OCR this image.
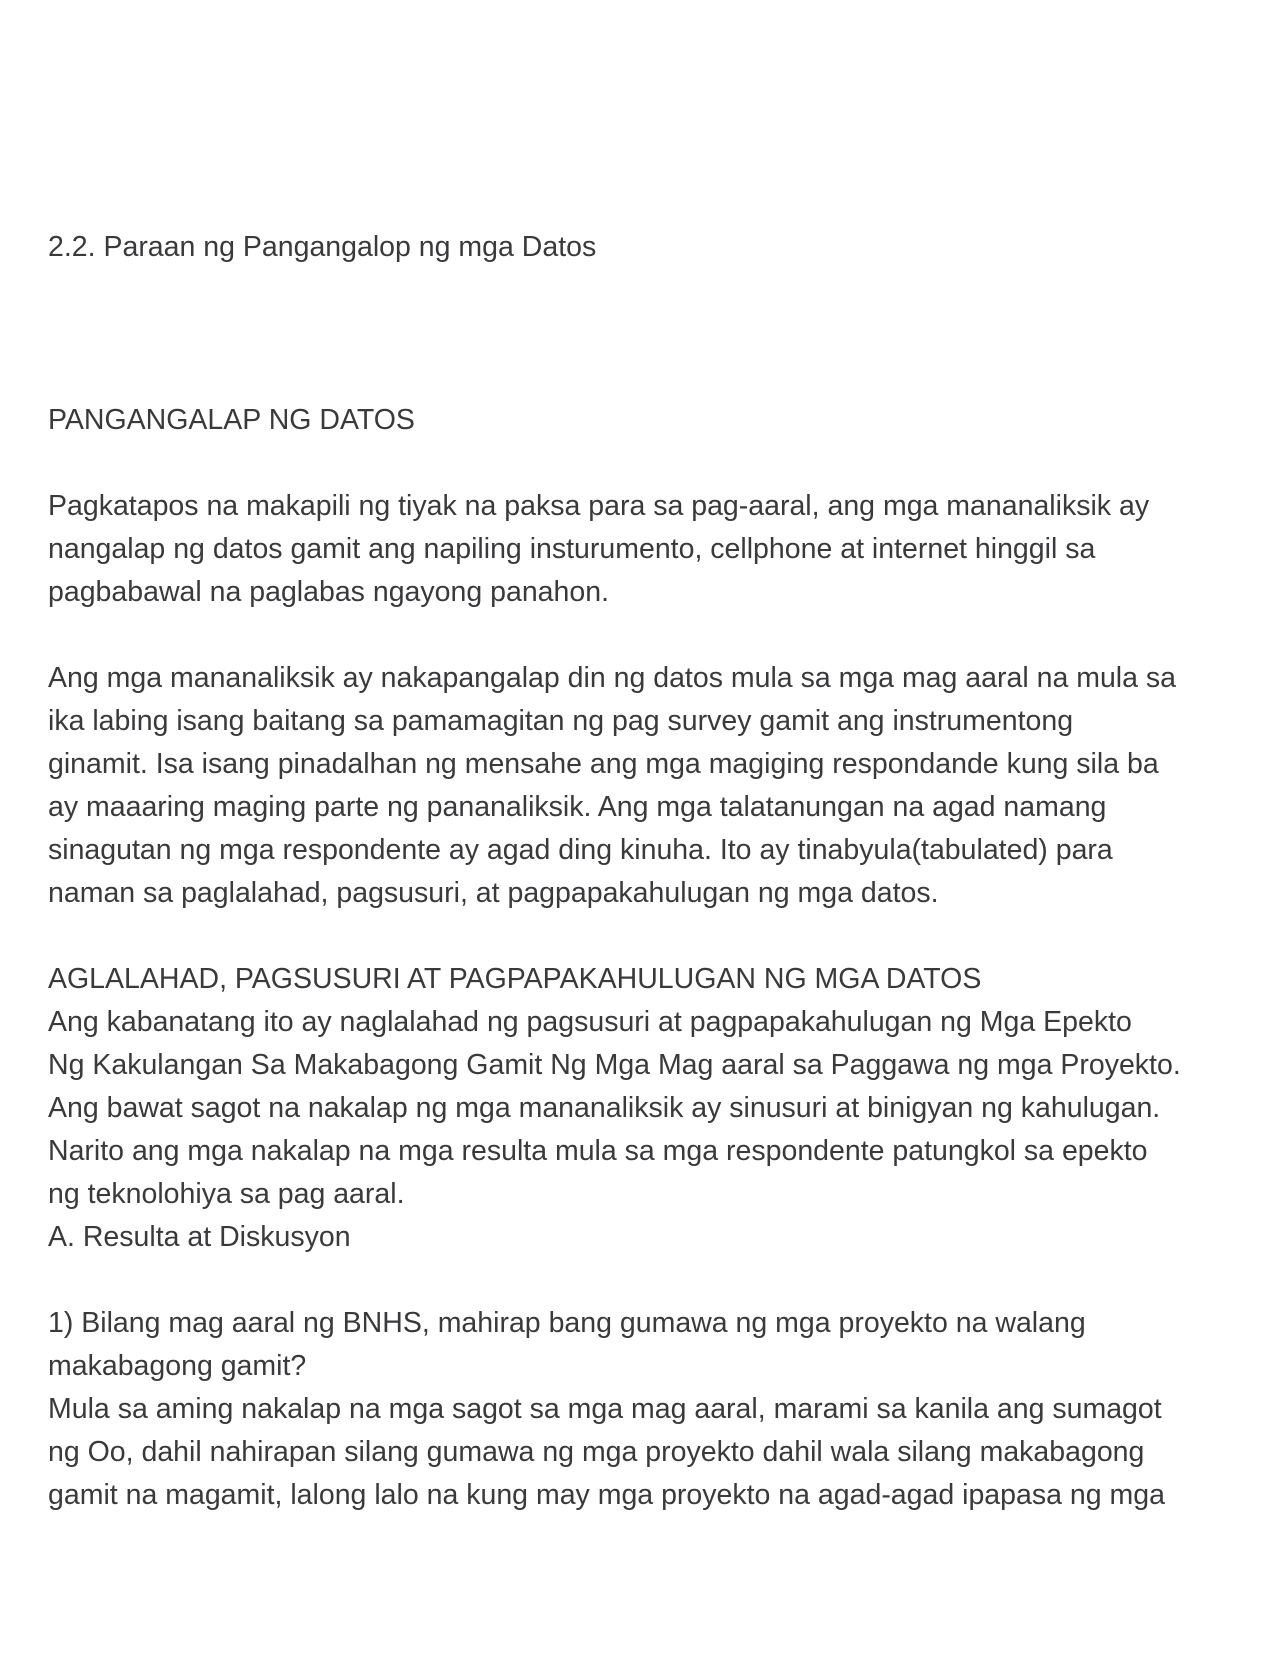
2.2. Paraan ng Pangangalop ng mga Datos

PANGANGALAP NG DATOS

Pagkatapos na makapili ng tiyak na paksa para sa pag-aaral, ang mga mananaliksik ay
nangalap ng datos gamit ang napiling insturumento, cellphone at internet hinggil sa
pagbabawal na paglabas ngayong panahon.

Ang mga mananaliksik ay nakapangalap din ng datos mula sa mga mag aaral na mula sa
ika labing isang baitang sa pamamagitan ng pag survey gamit ang instrumentong
ginamit. Isa isang pinadalhan ng mensahe ang mga magiging respondande kung sila ba
ay maaaring maging parte ng pananaliksik. Ang mga talatanungan na agad namang
sinagutan ng mga respondente ay agad ding kinuha. Ito ay tinabyula(tabulated) para
naman sa paglalahad, pagsusuri, at pagpapakahulugan ng mga datos.

AGLALAHAD, PAGSUSURI AT PAGPAPAKAHULUGAN NG MGA DATOS

Ang kabanatang ito ay naglalahad ng pagsusuri at pagpapakahulugan ng Mga Epekto
Ng Kakulangan Sa Makabagong Gamit Ng Mga Mag aaral sa Paggawa ng mga Proyekto.
Ang bawat sagot na nakalap ng mga mananaliksik ay sinusuri at binigyan ng kahulugan.
Narito ang mga nakalap na mga resulta mula sa mga respondente patungkol sa epekto
ng teknolohiya sa pag aaral.

A. Resulta at Diskusyon

1) Bilang mag aaral ng BNHS, mahirap bang gumawa ng mga proyekto na walang
makabagong gamit?

Mula sa aming nakalap na mga sagot sa mga mag aaral, marami sa kanila ang sumagot
ng Oo, dahil nahirapan silang gumawa ng mga proyekto dahil wala silang makabagong
gamit na magamit, lalong lalo na kung may mga proyekto na agad-agad ipapasa ng mga
